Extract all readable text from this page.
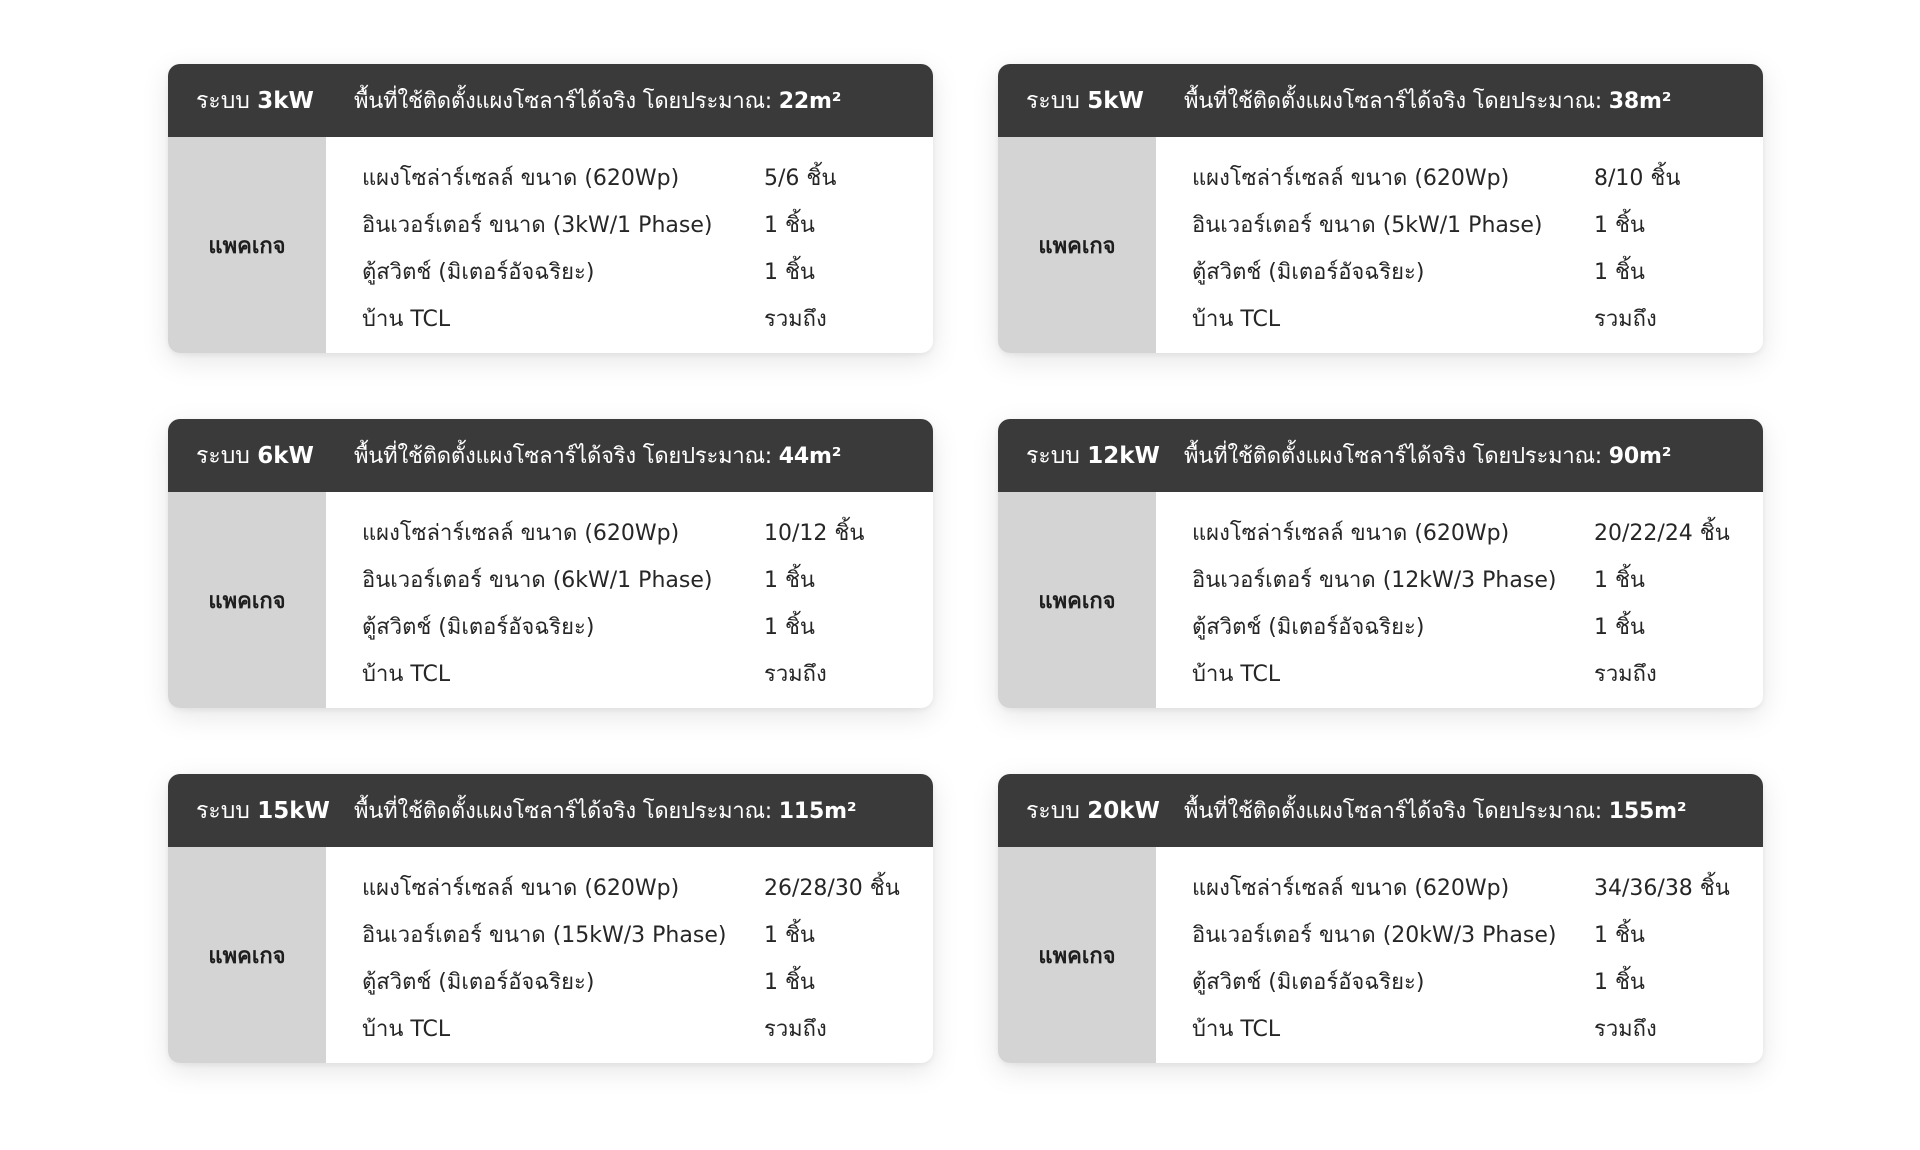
ระบบ 3kW	พื้นที่ใช้ติดตั้งแผงโซลาร์ได้จริง โดยประมาณ: 22m²
แพคเกจ
แผงโซล่าร์เซลล์ ขนาด (620Wp)	5/6 ชิ้น
อินเวอร์เตอร์ ขนาด (3kW/1 Phase)	1 ชิ้น
ตู้สวิตช์ (มิเตอร์อัจฉริยะ)	1 ชิ้น
บ้าน TCL	รวมถึง
ระบบ 5kW	พื้นที่ใช้ติดตั้งแผงโซลาร์ได้จริง โดยประมาณ: 38m²
แพคเกจ
แผงโซล่าร์เซลล์ ขนาด (620Wp)	8/10 ชิ้น
อินเวอร์เตอร์ ขนาด (5kW/1 Phase)	1 ชิ้น
ตู้สวิตช์ (มิเตอร์อัจฉริยะ)	1 ชิ้น
บ้าน TCL	รวมถึง
ระบบ 6kW	พื้นที่ใช้ติดตั้งแผงโซลาร์ได้จริง โดยประมาณ: 44m²
แพคเกจ
แผงโซล่าร์เซลล์ ขนาด (620Wp)	10/12 ชิ้น
อินเวอร์เตอร์ ขนาด (6kW/1 Phase)	1 ชิ้น
ตู้สวิตช์ (มิเตอร์อัจฉริยะ)	1 ชิ้น
บ้าน TCL	รวมถึง
ระบบ 12kW	พื้นที่ใช้ติดตั้งแผงโซลาร์ได้จริง โดยประมาณ: 90m²
แพคเกจ
แผงโซล่าร์เซลล์ ขนาด (620Wp)	20/22/24 ชิ้น
อินเวอร์เตอร์ ขนาด (12kW/3 Phase)	1 ชิ้น
ตู้สวิตช์ (มิเตอร์อัจฉริยะ)	1 ชิ้น
บ้าน TCL	รวมถึง
ระบบ 15kW	พื้นที่ใช้ติดตั้งแผงโซลาร์ได้จริง โดยประมาณ: 115m²
แพคเกจ
แผงโซล่าร์เซลล์ ขนาด (620Wp)	26/28/30 ชิ้น
อินเวอร์เตอร์ ขนาด (15kW/3 Phase)	1 ชิ้น
ตู้สวิตช์ (มิเตอร์อัจฉริยะ)	1 ชิ้น
บ้าน TCL	รวมถึง
ระบบ 20kW	พื้นที่ใช้ติดตั้งแผงโซลาร์ได้จริง โดยประมาณ: 155m²
แพคเกจ
แผงโซล่าร์เซลล์ ขนาด (620Wp)	34/36/38 ชิ้น
อินเวอร์เตอร์ ขนาด (20kW/3 Phase)	1 ชิ้น
ตู้สวิตช์ (มิเตอร์อัจฉริยะ)	1 ชิ้น
บ้าน TCL	รวมถึง
